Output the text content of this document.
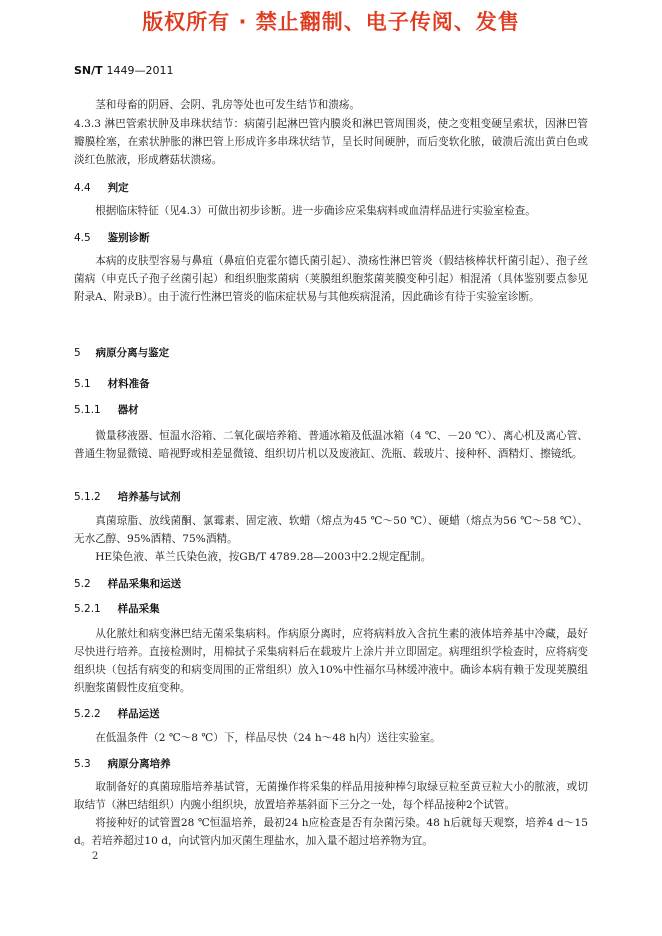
版权所有 · 禁止翻制、电子传阅、发售
SN/T 1449—2011
茎和母畜的阴唇、会阴、乳房等处也可发生结节和溃疡。
4.3.3 淋巴管索状肿及串珠状结节：病菌引起淋巴管内膜炎和淋巴管周围炎，使之变粗变硬呈索状，因淋巴管瓣膜栓塞，在索状肿胀的淋巴管上形成许多串珠状结节，呈长时间硬肿，而后变软化脓，破溃后流出黄白色或淡红色脓液，形成蘑菇状溃疡。
4.4 判定
根据临床特征（见4.3）可做出初步诊断。进一步确诊应采集病料或血清样品进行实验室检查。
4.5 鉴别诊断
本病的皮肤型容易与鼻疽（鼻疽伯克霍尔德氏菌引起）、溃疡性淋巴管炎（假结核棒状杆菌引起）、孢子丝菌病（申克氏子孢子丝菌引起）和组织胞浆菌病（荚膜组织胞浆菌荚膜变种引起）相混淆（具体鉴别要点参见附录A、附录B）。由于流行性淋巴管炎的临床症状易与其他疾病混淆，因此确诊有待于实验室诊断。
5 病原分离与鉴定
5.1 材料准备
5.1.1 器材
微量移液器、恒温水浴箱、二氧化碳培养箱、普通冰箱及低温冰箱（4 ℃、－20 ℃）、离心机及离心管、普通生物显微镜、暗视野或相差显微镜、组织切片机以及废液缸、洗瓶、载玻片、接种杯、酒精灯、擦镜纸。
5.1.2 培养基与试剂
真菌琼脂、放线菌酮、氯霉素、固定液、软蜡（熔点为45 ℃～50 ℃）、硬蜡（熔点为56 ℃～58 ℃）、无水乙醇、95%酒精、75%酒精。
HE染色液、革兰氏染色液，按GB/T 4789.28—2003中2.2规定配制。
5.2 样品采集和运送
5.2.1 样品采集
从化脓灶和病变淋巴结无菌采集病料。作病原分离时，应将病料放入含抗生素的液体培养基中冷藏，最好尽快进行培养。直接检测时，用棉拭子采集病料后在载玻片上涂片并立即固定。病理组织学检查时，应将病变组织块（包括有病变的和病变周围的正常组织）放入10%中性福尔马林缓冲液中。确诊本病有赖于发现荚膜组织胞浆菌假性皮疽变种。
5.2.2 样品运送
在低温条件（2 ℃～8 ℃）下，样品尽快（24 h～48 h内）送往实验室。
5.3 病原分离培养
取制备好的真菌琼脂培养基试管，无菌操作将采集的样品用接种棒匀取绿豆粒至黄豆粒大小的脓液，或切取结节（淋巴结组织）内豌小组织块，放置培养基斜面下三分之一处，每个样品接种2个试管。
将接种好的试管置28 ℃恒温培养，最初24 h应检查是否有杂菌污染。48 h后就每天观察，培养4 d～15 d。若培养超过10 d，向试管内加灭菌生理盐水，加入量不超过培养物为宜。
2
